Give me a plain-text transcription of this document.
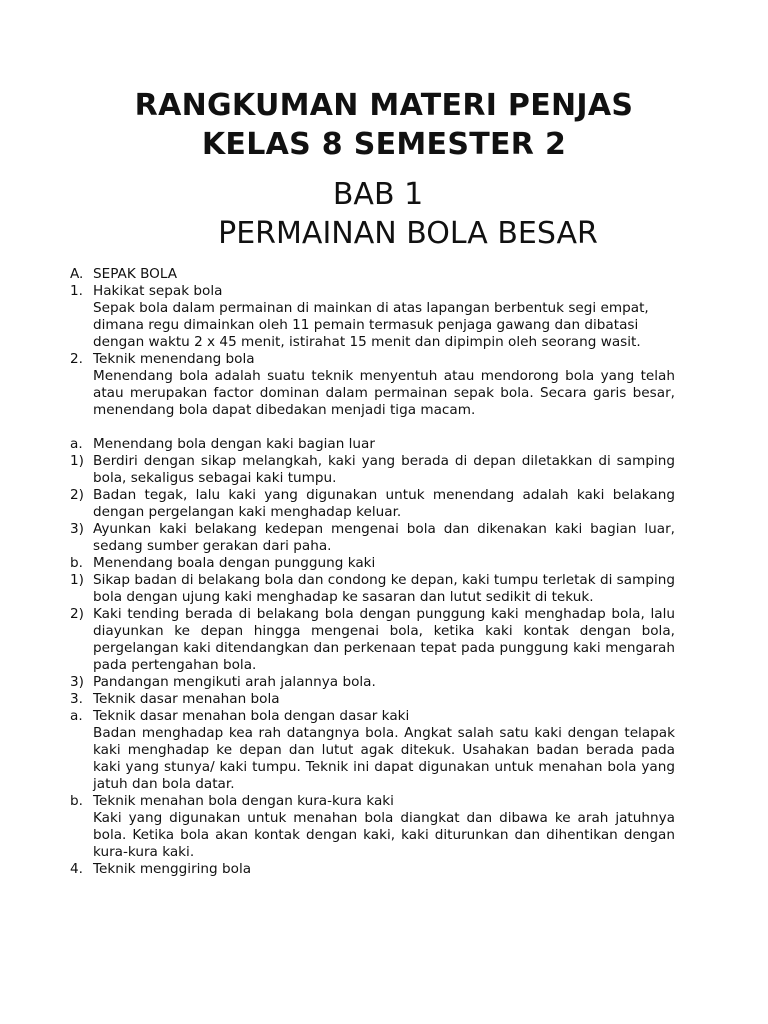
RANGKUMAN MATERI PENJAS
KELAS 8 SEMESTER 2
BAB 1
PERMAINAN BOLA BESAR
A. SEPAK BOLA
1. Hakikat sepak bola
Sepak bola dalam permainan di mainkan di atas lapangan berbentuk segi empat, dimana regu dimainkan oleh 11 pemain termasuk penjaga gawang dan dibatasi dengan waktu 2 x 45 menit, istirahat 15 menit dan dipimpin oleh seorang wasit.
2. Teknik menendang bola
Menendang bola adalah suatu teknik menyentuh atau mendorong bola yang telah atau merupakan factor dominan dalam permainan sepak bola. Secara garis besar, menendang bola dapat dibedakan menjadi tiga macam.
a. Menendang bola dengan kaki bagian luar
1) Berdiri dengan sikap melangkah, kaki yang berada di depan diletakkan di samping bola, sekaligus sebagai kaki tumpu.
2) Badan tegak, lalu kaki yang digunakan untuk menendang adalah kaki belakang dengan pergelangan kaki menghadap keluar.
3) Ayunkan kaki belakang kedepan mengenai bola dan dikenakan kaki bagian luar, sedang sumber gerakan dari paha.
b. Menendang boala dengan punggung kaki
1) Sikap badan di belakang bola dan condong ke depan, kaki tumpu terletak di samping bola dengan ujung kaki menghadap ke sasaran dan lutut sedikit di tekuk.
2) Kaki tending berada di belakang bola dengan punggung kaki menghadap bola, lalu diayunkan ke depan hingga mengenai bola, ketika kaki kontak dengan bola, pergelangan kaki ditendangkan dan perkenaan tepat pada punggung kaki mengarah pada pertengahan bola.
3) Pandangan mengikuti arah jalannya bola.
3. Teknik dasar menahan bola
a. Teknik dasar menahan bola dengan dasar kaki
Badan menghadap kea rah datangnya bola. Angkat salah satu kaki dengan telapak kaki menghadap ke depan dan lutut agak ditekuk. Usahakan badan berada pada kaki yang stunya/ kaki tumpu. Teknik ini dapat digunakan untuk menahan bola yang jatuh dan bola datar.
b. Teknik menahan bola dengan kura-kura kaki
Kaki yang digunakan untuk menahan bola diangkat dan dibawa ke arah jatuhnya bola. Ketika bola akan kontak dengan kaki, kaki diturunkan dan dihentikan dengan kura-kura kaki.
4. Teknik menggiring bola
